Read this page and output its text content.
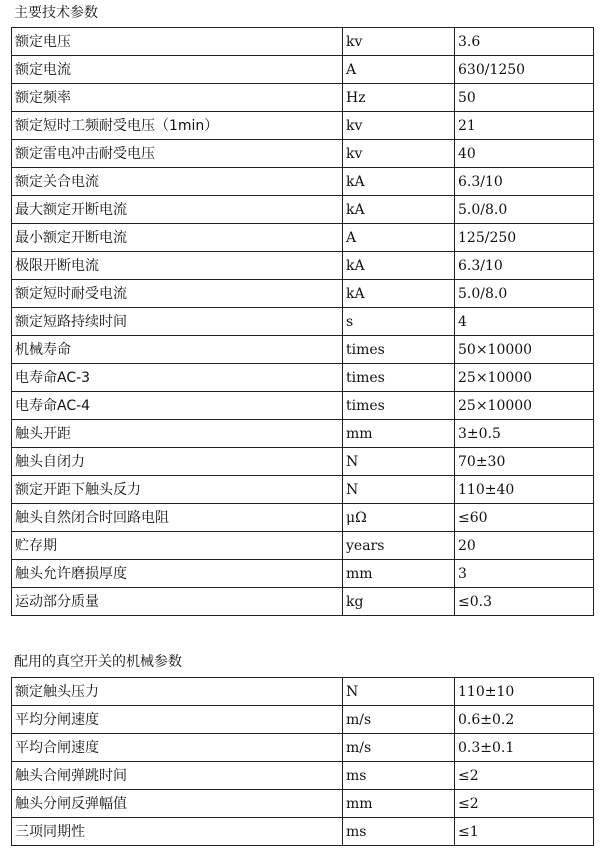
主要技术参数
额定电压	kv	3.6
额定电流	A	630/1250
额定频率	Hz	50
额定短时工频耐受电压（1min）	kv	21
额定雷电冲击耐受电压	kv	40
额定关合电流	kA	6.3/10
最大额定开断电流	kA	5.0/8.0
最小额定开断电流	A	125/250
极限开断电流	kA	6.3/10
额定短时耐受电流	kA	5.0/8.0
额定短路持续时间	s	4
机械寿命	times	50×10000
电寿命AC-3	times	25×10000
电寿命AC-4	times	25×10000
触头开距	mm	3±0.5
触头自闭力	N	70±30
额定开距下触头反力	N	110±40
触头自然闭合时回路电阻	μΩ	≤60
贮存期	years	20
触头允许磨损厚度	mm	3
运动部分质量	kg	≤0.3
配用的真空开关的机械参数
额定触头压力	N	110±10
平均分闸速度	m/s	0.6±0.2
平均合闸速度	m/s	0.3±0.1
触头合闸弹跳时间	ms	≤2
触头分闸反弹幅值	mm	≤2
三项同期性	ms	≤1
